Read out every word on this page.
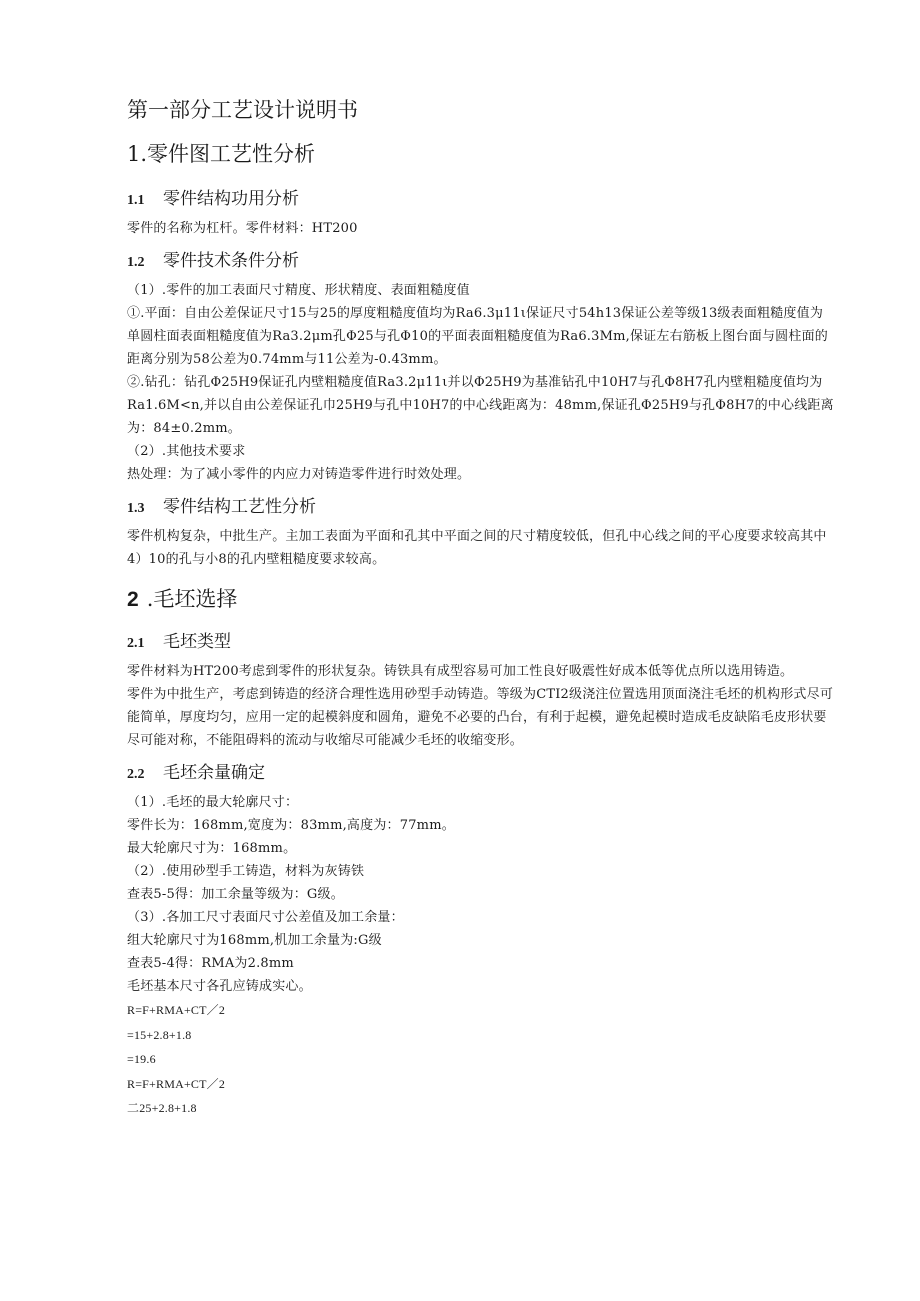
第一部分工艺设计说明书
1.零件图工艺性分析
1.1 零件结构功用分析

零件的名称为杠杆。零件材料：HT200

1.2 零件技术条件分析

（1）.零件的加工表面尺寸精度、形状精度、表面粗糙度值

①.平面：自由公差保证尺寸15与25的厚度粗糙度值均为Ra6.3μ11ι保证尺寸54h13保证公差等级13级表面粗糙度值为单圆柱面表面粗糙度值为Ra3.2μm孔Φ25与孔Φ10的平面表面粗糙度值为Ra6.3Mm,保证左右筋板上图台面与圆柱面的距离分别为58公差为0.74mm与11公差为-0.43mm。

②.钻孔：钻孔Φ25H9保证孔内壁粗糙度值Ra3.2μ11ι并以Φ25H9为基准钻孔中10H7与孔Φ8H7孔内壁粗糙度值均为Ra1.6M<n,并以自由公差保证孔巾25H9与孔中10H7的中心线距离为：48mm,保证孔Φ25H9与孔Φ8H7的中心线距离为：84±0.2mm。

（2）.其他技术要求

热处理：为了减小零件的内应力对铸造零件进行时效处理。

1.3 零件结构工艺性分析

零件机构复杂，中批生产。主加工表面为平面和孔其中平面之间的尺寸精度较低，但孔中心线之间的平心度要求较高其中4）10的孔与小8的孔内壁粗糙度要求较高。

2 .毛坯选择
2.1 毛坯类型

零件材料为HT200考虑到零件的形状复杂。铸铁具有成型容易可加工性良好吸震性好成本低等优点所以选用铸造。

零件为中批生产，考虑到铸造的经济合理性选用砂型手动铸造。等级为CTI2级浇注位置选用顶面浇注毛坯的机构形式尽可能简单，厚度均匀，应用一定的起模斜度和圆角，避免不必要的凸台，有利于起模，避免起模时造成毛皮缺陷毛皮形状要尽可能对称，不能阻碍料的流动与收缩尽可能减少毛坯的收缩变形。

2.2 毛坯余量确定

（1）.毛坯的最大轮廓尺寸：

零件长为：168mm,宽度为：83mm,高度为：77mm。

最大轮廓尺寸为：168mm。

（2）.使用砂型手工铸造，材料为灰铸铁

查表5-5得：加工余量等级为：G级。

（3）.各加工尺寸表面尺寸公差值及加工余量：

组大轮廓尺寸为168mm,机加工余量为:G级

查表5-4得：RMA为2.8mm

毛坯基本尺寸各孔应铸成实心。

R=F+RMA+CT／2

=15+2.8+1.8

=19.6

R=F+RMA+CT／2

二25+2.8+1.8
